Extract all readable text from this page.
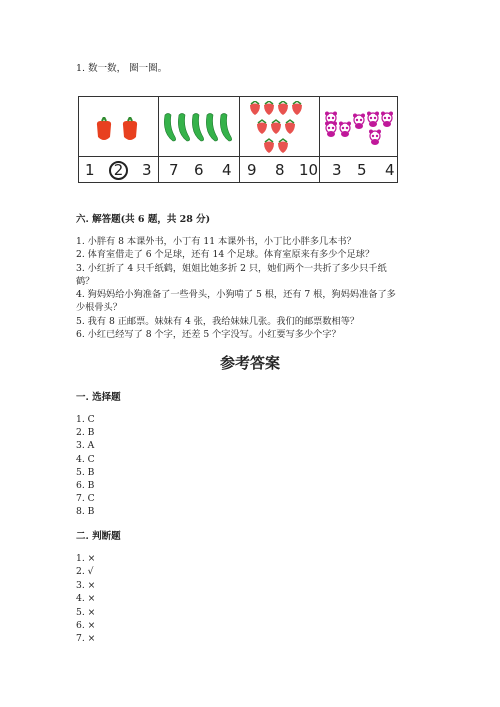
1. 数一数， 圈一圈。
1	2	3 7 6 4 9 8 10 3 5 4
六. 解答题(共 6 题，共 28 分)
1. 小胖有 8 本课外书，小丁有 11 本课外书，小丁比小胖多几本书？
2. 体育室借走了 6 个足球，还有 14 个足球。体育室原来有多少个足球？
3. 小红折了 4 只千纸鹤，姐姐比她多折 2 只，她们两个一共折了多少只千纸
鹤？
4. 狗妈妈给小狗准备了一些骨头，小狗啃了 5 根，还有 7 根，狗妈妈准备了多
少根骨头？
5. 我有 8 正邮票。妹妹有 4 张，我给妹妹几张。我们的邮票数相等？
6. 小红已经写了 8 个字，还差 5 个字没写。小红要写多少个字？
参考答案
一. 选择题
1. C
2. B
3. A
4. C
5. B
6. B
7. C
8. B
二. 判断题
1. ×
2. √
3. ×
4. ×
5. ×
6. ×
7. ×
